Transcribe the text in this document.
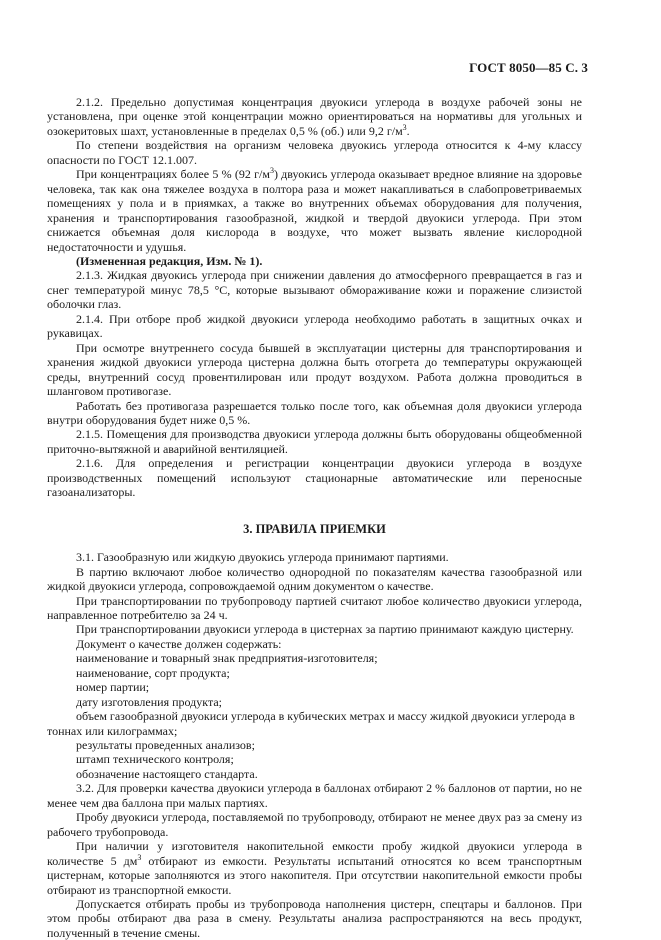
ГОСТ 8050—85 С. 3

2.1.2. Предельно допустимая концентрация двуокиси углерода в воздухе рабочей зоны не установлена, при оценке этой концентрации можно ориентироваться на нормативы для угольных и озокеритовых шахт, установленные в пределах 0,5 % (об.) или 9,2 $г/м^3$.

По степени воздействия на организм человека двуокись углерода относится к 4-му классу опасности по ГОСТ 12.1.007.

При концентрациях более 5 % (92 $г/м^3$) двуокись углерода оказывает вредное влияние на здоровье человека, так как она тяжелее воздуха в полтора раза и может накапливаться в слабопроветриваемых помещениях у пола и в приямках, а также во внутренних объемах оборудования для получения, хранения и транспортирования газообразной, жидкой и твердой двуокиси углерода. При этом снижается объемная доля кислорода в воздухе, что может вызвать явление кислородной недостаточности и удушья.

(Измененная редакция, Изм. № 1).

2.1.3. Жидкая двуокись углерода при снижении давления до атмосферного превращается в газ и снег температурой минус 78,5 °С, которые вызывают обмораживание кожи и поражение слизистой оболочки глаз.

2.1.4. При отборе проб жидкой двуокиси углерода необходимо работать в защитных очках и рукавицах.

При осмотре внутреннего сосуда бывшей в эксплуатации цистерны для транспортирования и хранения жидкой двуокиси углерода цистерна должна быть отогрета до температуры окружающей среды, внутренний сосуд провентилирован или продут воздухом. Работа должна проводиться в шланговом противогазе.

Работать без противогаза разрешается только после того, как объемная доля двуокиси углерода внутри оборудования будет ниже 0,5 %.

2.1.5. Помещения для производства двуокиси углерода должны быть оборудованы общеобменной приточно-вытяжной и аварийной вентиляцией.

2.1.6. Для определения и регистрации концентрации двуокиси углерода в воздухе производственных помещений используют стационарные автоматические или переносные газоанализаторы.

3. ПРАВИЛА ПРИЕМКИ

3.1. Газообразную или жидкую двуокись углерода принимают партиями.

В партию включают любое количество однородной по показателям качества газообразной или жидкой двуокиси углерода, сопровождаемой одним документом о качестве.

При транспортировании по трубопроводу партией считают любое количество двуокиси углерода, направленное потребителю за 24 ч.

При транспортировании двуокиси углерода в цистернах за партию принимают каждую цистерну.

Документ о качестве должен содержать:

наименование и товарный знак предприятия-изготовителя;

наименование, сорт продукта;

номер партии;

дату изготовления продукта;

объем газообразной двуокиси углерода в кубических метрах и массу жидкой двуокиси углерода в тоннах или килограммах;

результаты проведенных анализов;

штамп технического контроля;

обозначение настоящего стандарта.

3.2. Для проверки качества двуокиси углерода в баллонах отбирают 2 % баллонов от партии, но не менее чем два баллона при малых партиях.

Пробу двуокиси углерода, поставляемой по трубопроводу, отбирают не менее двух раз за смену из рабочего трубопровода.

При наличии у изготовителя накопительной емкости пробу жидкой двуокиси углерода в количестве 5 $дм^3$ отбирают из емкости. Результаты испытаний относятся ко всем транспортным цистернам, которые заполняются из этого накопителя. При отсутствии накопительной емкости пробы отбирают из транспортной емкости.

Допускается отбирать пробы из трубопровода наполнения цистерн, спецтары и баллонов. При этом пробы отбирают два раза в смену. Результаты анализа распространяются на весь продукт, полученный в течение смены.
